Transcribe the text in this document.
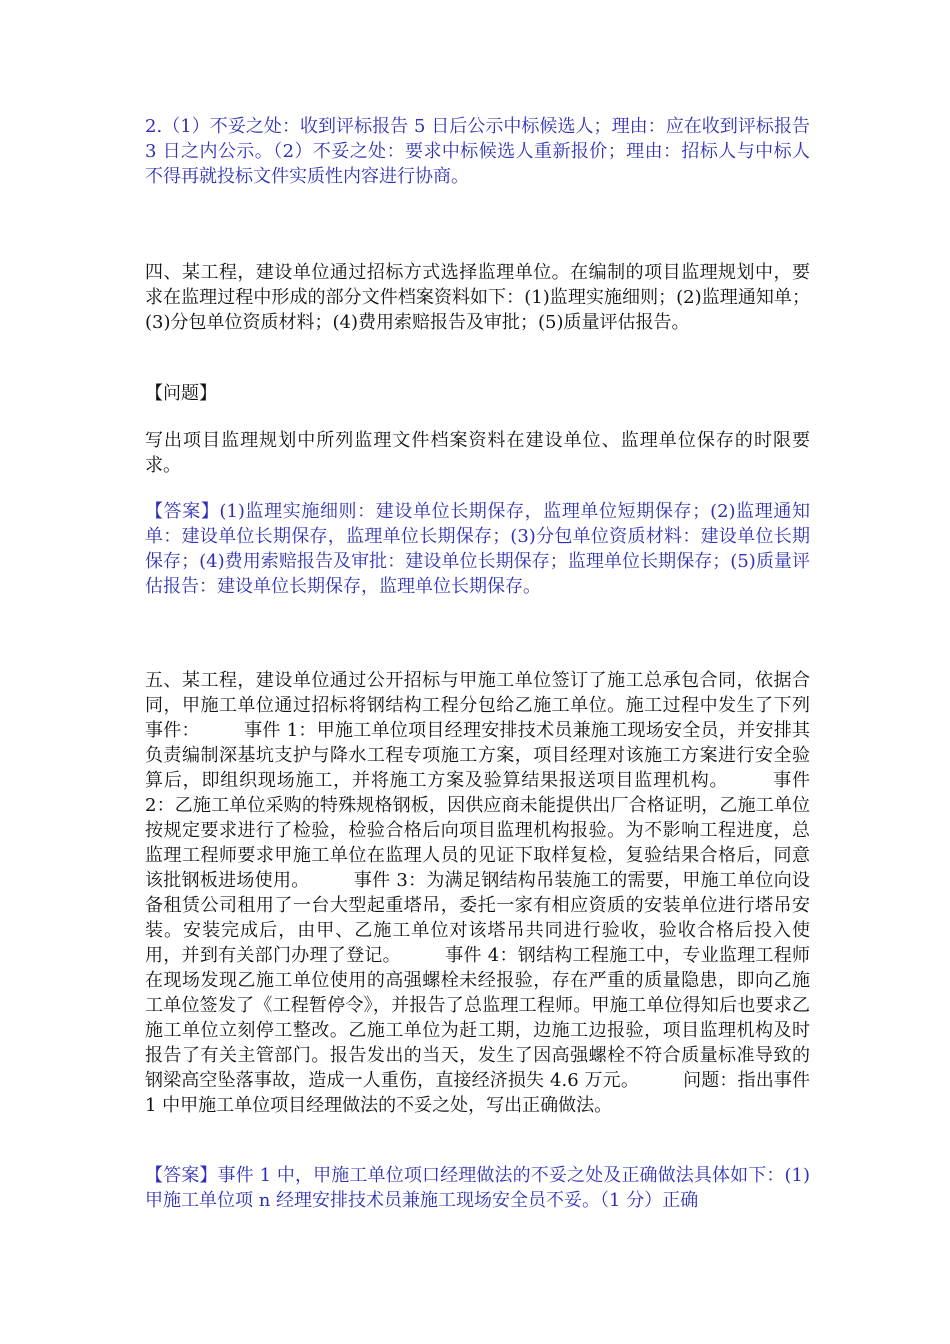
2.（1）不妥之处：收到评标报告 5 日后公示中标候选人；理由：应在收到评标报告 3 日之内公示。（2）不妥之处：要求中标候选人重新报价；理由：招标人与中标人不得再就投标文件实质性内容进行协商。

四、某工程，建设单位通过招标方式选择监理单位。在编制的项目监理规划中，要求在监理过程中形成的部分文件档案资料如下：(1)监理实施细则；(2)监理通知单；(3)分包单位资质材料；(4)费用索赔报告及审批；(5)质量评估报告。

【问题】

写出项目监理规划中所列监理文件档案资料在建设单位、监理单位保存的时限要求。

【答案】(1)监理实施细则：建设单位长期保存，监理单位短期保存；(2)监理通知单：建设单位长期保存，监理单位长期保存；(3)分包单位资质材料：建设单位长期保存；(4)费用索赔报告及审批：建设单位长期保存；监理单位长期保存；(5)质量评估报告：建设单位长期保存，监理单位长期保存。

五、某工程，建设单位通过公开招标与甲施工单位签订了施工总承包合同，依据合同，甲施工单位通过招标将钢结构工程分包给乙施工单位。施工过程中发生了下列事件： 事件 1：甲施工单位项目经理安排技术员兼施工现场安全员，并安排其负责编制深基坑支护与降水工程专项施工方案，项目经理对该施工方案进行安全验算后，即组织现场施工，并将施工方案及验算结果报送项目监理机构。 事件 2：乙施工单位采购的特殊规格钢板，因供应商未能提供出厂合格证明，乙施工单位按规定要求进行了检验，检验合格后向项目监理机构报验。为不影响工程进度，总监理工程师要求甲施工单位在监理人员的见证下取样复检，复验结果合格后，同意该批钢板进场使用。 事件 3：为满足钢结构吊装施工的需要，甲施工单位向设备租赁公司租用了一台大型起重塔吊，委托一家有相应资质的安装单位进行塔吊安装。安装完成后，由甲、乙施工单位对该塔吊共同进行验收，验收合格后投入使用，并到有关部门办理了登记。 事件 4：钢结构工程施工中，专业监理工程师在现场发现乙施工单位使用的高强螺栓未经报验，存在严重的质量隐患，即向乙施工单位签发了《工程暂停令》，并报告了总监理工程师。甲施工单位得知后也要求乙施工单位立刻停工整改。乙施工单位为赶工期，边施工边报验，项目监理机构及时报告了有关主管部门。报告发出的当天，发生了因高强螺栓不符合质量标准导致的钢梁高空坠落事故，造成一人重伤，直接经济损失 4.6 万元。 问题：指出事件 1 中甲施工单位项目经理做法的不妥之处，写出正确做法。

【答案】事件 1 中，甲施工单位项口经理做法的不妥之处及正确做法具体如下：(1)甲施工单位项 n 经理安排技术员兼施工现场安全员不妥。（1 分）正确
